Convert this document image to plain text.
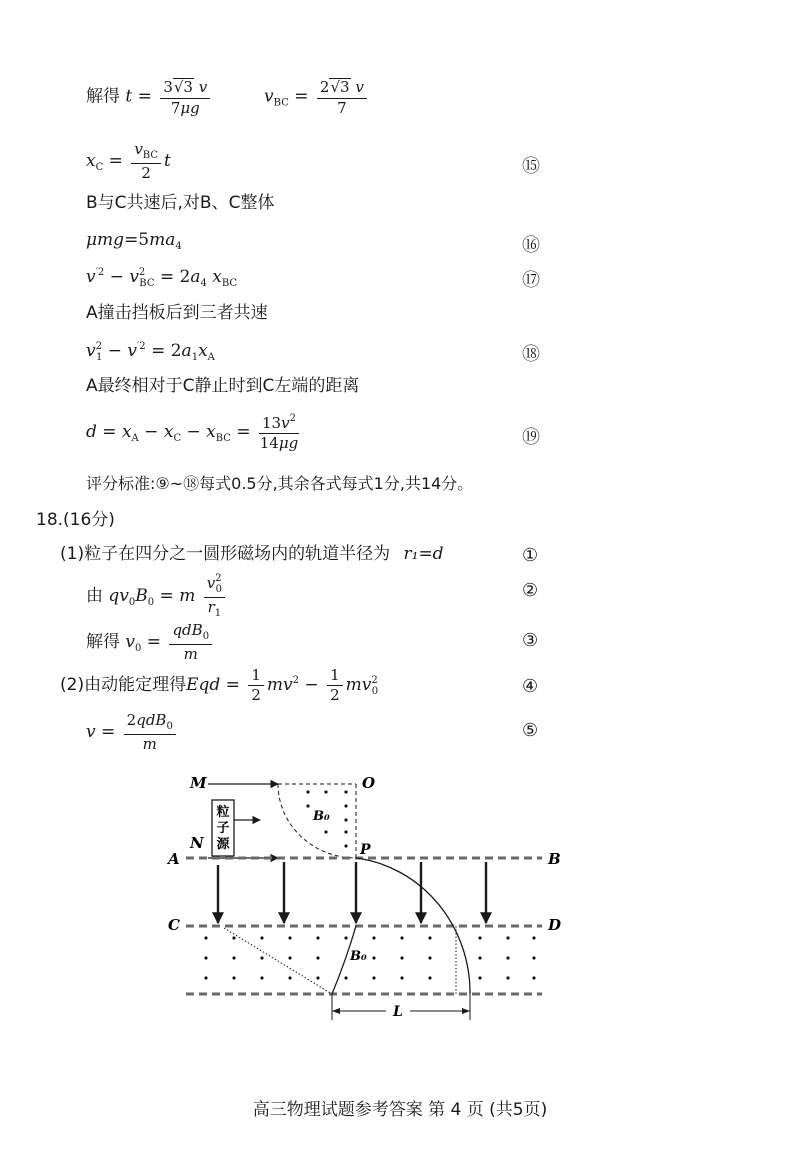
解得 $t = \frac{3√3 v}{7\mu g}$	$v_{BC} = \frac{2√3 v}{7}$
$x_C = \frac{v_{BC}}{2}$ t	⑮
B与C共速后,对B、C整体
$\mu mg=5ma_4$	⑯
$v^{'2} - v^2_{BC} = 2a_4$ $x_{BC}$	⑰
A撞击挡板后到三者共速
$v^2_1 - v^{'2} = 2a_1x_A$	⑱
A最终相对于C静止时到C左端的距离
$d = x_A - x_C - x_{BC} = \frac{13v^2}{14\mu g}$	⑲
评分标准:⑨~⑱每式0.5分,其余各式每式1分,共14分。
18.(16分)
(1)粒子在四分之一圆形磁场内的轨道半径为 r₁=d	①
由 $qv_0B_0 = m \frac{v^2_0}{r_1}$	②
解得 $v_0 = \frac{qdB_0}{m}$	③
(2)由动能定理得Eqd = $\frac{1}{2} mv^2 - \frac{1}{2} mv^2_0$	④
$v = \frac{2qdB_0}{m}$	⑤
M	O
N
A	B
C	D
P
L
粒
子
源
B₀
B₀
高三物理试题参考答案 第 4 页 (共5页)
